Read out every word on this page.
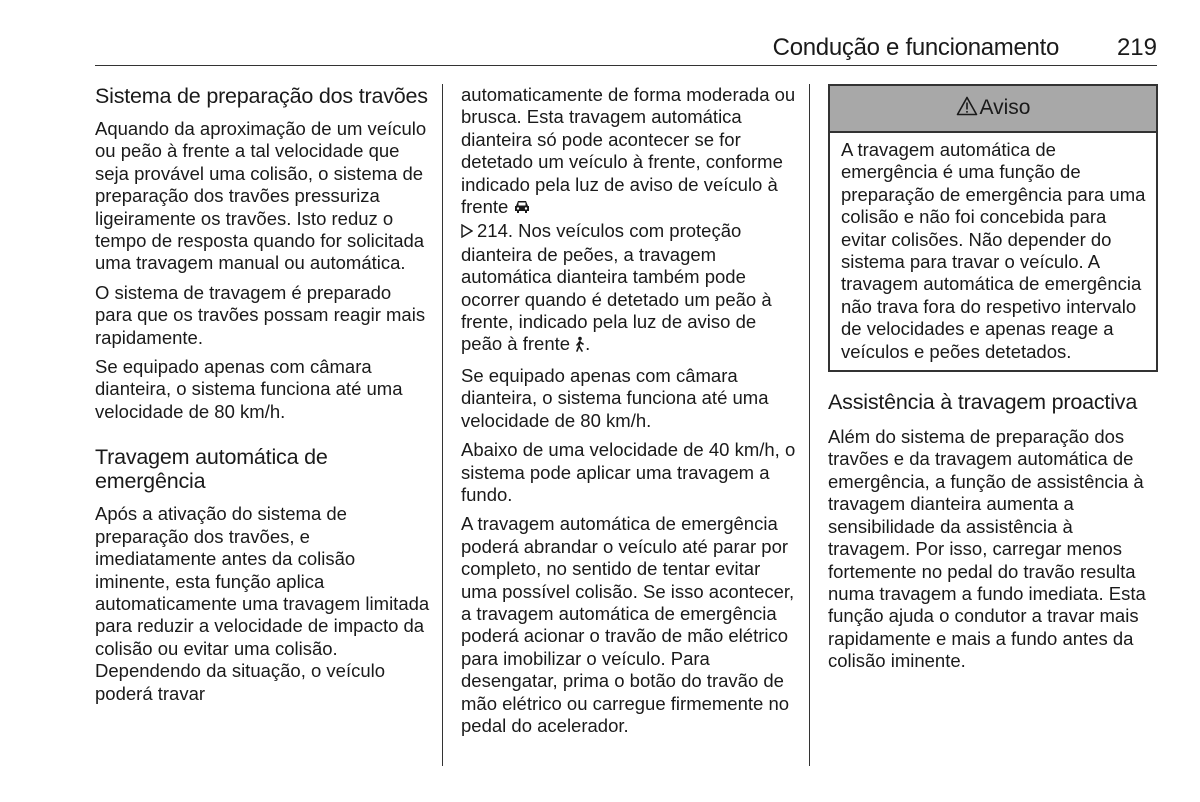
Condução e funcionamento 219
Sistema de preparação dos travões

Aquando da aproximação de um veículo ou peão à frente a tal velocidade que seja provável uma colisão, o sistema de preparação dos travões pressuriza ligeiramente os travões. Isto reduz o tempo de resposta quando for solicitada uma travagem manual ou automática.

O sistema de travagem é preparado para que os travões possam reagir mais rapidamente.

Se equipado apenas com câmara dianteira, o sistema funciona até uma velocidade de 80 km/h.

Travagem automática de emergência

Após a ativação do sistema de preparação dos travões, e imediatamente antes da colisão iminente, esta função aplica automaticamente uma travagem limitada para reduzir a velocidade de impacto da colisão ou evitar uma colisão. Dependendo da situação, o veículo poderá travar

automaticamente de forma moderada ou brusca. Esta travagem automática dianteira só pode acontecer se for detetado um veículo à frente, conforme indicado pela luz de aviso de veículo à frente
214. Nos veículos com proteção dianteira de peões, a travagem automática dianteira também pode ocorrer quando é detetado um peão à frente, indicado pela luz de aviso de peão à frente .

Se equipado apenas com câmara dianteira, o sistema funciona até uma velocidade de 80 km/h.

Abaixo de uma velocidade de 40 km/h, o sistema pode aplicar uma travagem a fundo.

A travagem automática de emergência poderá abrandar o veículo até parar por completo, no sentido de tentar evitar uma possível colisão. Se isso acontecer, a travagem automática de emergência poderá acionar o travão de mão elétrico para imobilizar o veículo. Para desengatar, prima o botão do travão de mão elétrico ou carregue firmemente no pedal do acelerador.

Aviso
A travagem automática de emergência é uma função de preparação de emergência para uma colisão e não foi concebida para evitar colisões. Não depender do sistema para travar o veículo. A travagem automática de emergência não trava fora do respetivo intervalo de velocidades e apenas reage a veículos e peões detetados.
Assistência à travagem proactiva

Além do sistema de preparação dos travões e da travagem automática de emergência, a função de assistência à travagem dianteira aumenta a sensibilidade da assistência à travagem. Por isso, carregar menos fortemente no pedal do travão resulta numa travagem a fundo imediata. Esta função ajuda o condutor a travar mais rapidamente e mais a fundo antes da colisão iminente.
